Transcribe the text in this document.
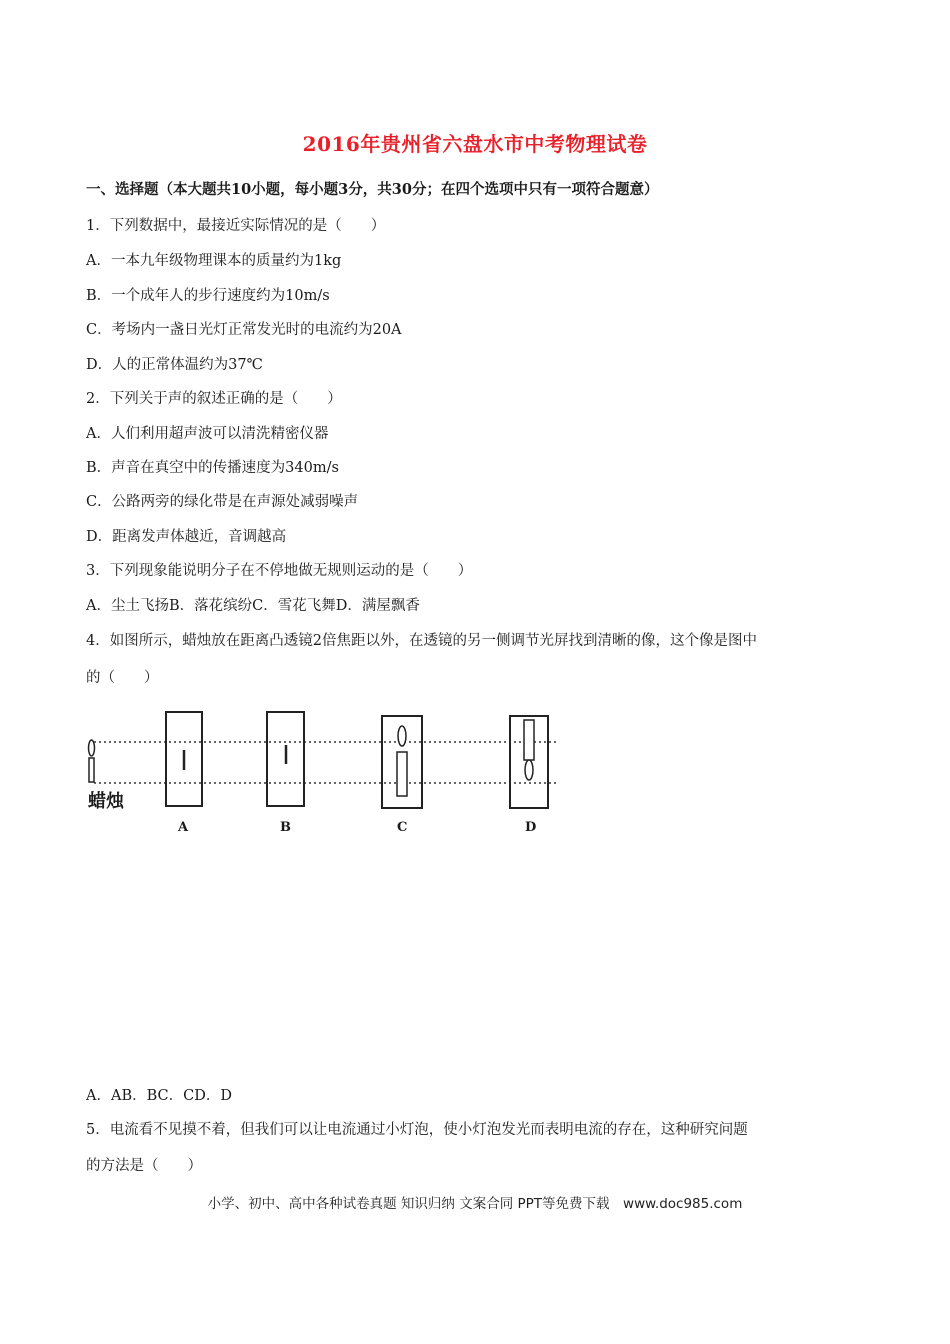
2016年贵州省六盘水市中考物理试卷
一、选择题（本大题共10小题，每小题3分，共30分；在四个选项中只有一项符合题意）
1．下列数据中，最接近实际情况的是（　　）
A．一本九年级物理课本的质量约为1kg
B．一个成年人的步行速度约为10m/s
C．考场内一盏日光灯正常发光时的电流约为20A
D．人的正常体温约为37℃
2．下列关于声的叙述正确的是（　　）
A．人们利用超声波可以清洗精密仪器
B．声音在真空中的传播速度为340m/s
C．公路两旁的绿化带是在声源处减弱噪声
D．距离发声体越近，音调越高
3．下列现象能说明分子在不停地做无规则运动的是（　　）
A．尘土飞扬B．落花缤纷C．雪花飞舞D．满屋飘香
4．如图所示，蜡烛放在距离凸透镜2倍焦距以外，在透镜的另一侧调节光屏找到清晰的像，这个像是图中
的（　　）
蜡烛
A	B	C	D
A．AB．BC．CD．D
5．电流看不见摸不着，但我们可以让电流通过小灯泡，使小灯泡发光而表明电流的存在，这种研究问题
的方法是（　　）
小学、初中、高中各种试卷真题 知识归纳 文案合同 PPT等免费下载　www.doc985.com
